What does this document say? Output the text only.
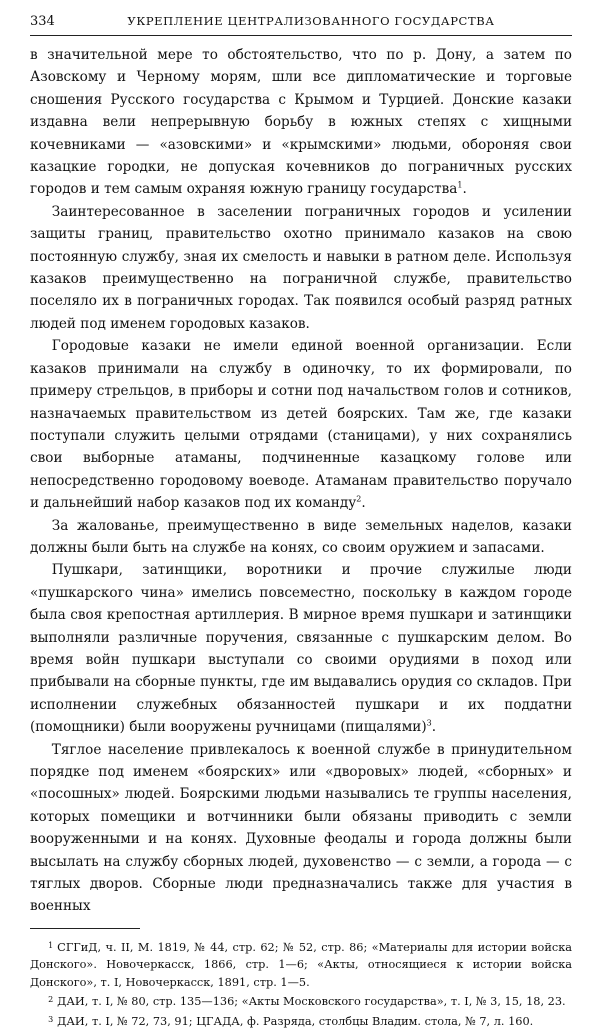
334	УКРЕПЛЕНИЕ ЦЕНТРАЛИЗОВАННОГО ГОСУДАРСТВА

в значительной мере то обстоятельство, что по р. Дону, а затем по Азовскому и Черному морям, шли все дипломатические и торговые сношения Русского государства с Крымом и Турцией. Донские казаки издавна вели непрерывную борьбу в южных степях с хищными кочевниками — «азовскими» и «крымскими» людьми, обороняя свои казацкие городки, не допуская кочевников до пограничных русских городов и тем самым охраняя южную границу государства$^1$.

Заинтересованное в заселении пограничных городов и усилении защиты границ, правительство охотно принимало казаков на свою постоянную службу, зная их смелость и навыки в ратном деле. Используя казаков преимущественно на пограничной службе, правительство поселяло их в пограничных городах. Так появился особый разряд ратных людей под именем городовых казаков.

Городовые казаки не имели единой военной организации. Если казаков принимали на службу в одиночку, то их формировали, по примеру стрельцов, в приборы и сотни под начальством голов и сотников, назначаемых правительством из детей боярских. Там же, где казаки поступали служить целыми отрядами (станицами), у них сохранялись свои выборные атаманы, подчиненные казацкому голове или непосредственно городовому воеводе. Атаманам правительство поручало и дальнейший набор казаков под их команду$^2$.

За жалованье, преимущественно в виде земельных наделов, казаки должны были быть на службе на конях, со своим оружием и запасами.

Пушкари, затинщики, воротники и прочие служилые люди «пушкарского чина» имелись повсеместно, поскольку в каждом городе была своя крепостная артиллерия. В мирное время пушкари и затинщики выполняли различные поручения, связанные с пушкарским делом. Во время войн пушкари выступали со своими орудиями в поход или прибывали на сборные пункты, где им выдавались орудия со складов. При исполнении служебных обязанностей пушкари и их поддатни (помощники) были вооружены ручницами (пищалями)$^3$.

Тяглое население привлекалось к военной службе в принудительном порядке под именем «боярских» или «дворовых» людей, «сборных» и «посошных» людей. Боярскими людьми назывались те группы населения, которых помещики и вотчинники были обязаны приводить с земли вооруженными и на конях. Духовные феодалы и города должны были высылать на службу сборных людей, духовенство — с земли, а города — с тяглых дворов. Сборные люди предназначались также для участия в военных

$^1$ СГГиД, ч. II, М. 1819, № 44, стр. 62; № 52, стр. 86; «Материалы для истории войска Донского». Новочеркасск, 1866, стр. 1—6; «Акты, относящиеся к истории войска Донского», т. I, Новочеркасск, 1891, стр. 1—5.

$^2$ ДАИ, т. I, № 80, стр. 135—136; «Акты Московского государства», т. I, № 3, 15, 18, 23.

$^3$ ДАИ, т. I, № 72, 73, 91; ЦГАДА, ф. Разряда, столбцы Владим. стола, № 7, л. 160.
